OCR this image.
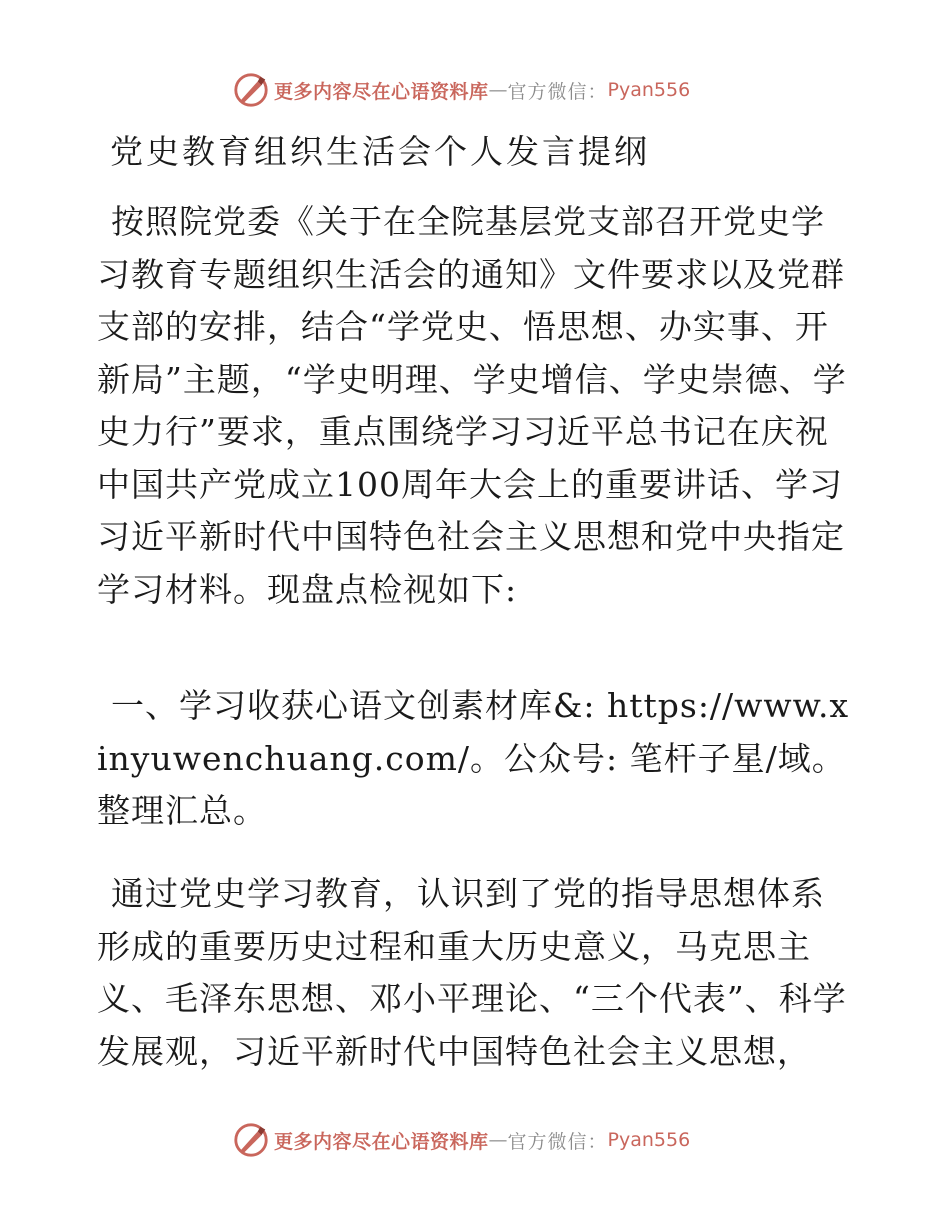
更多内容尽在心语资料库 — 官方微信： Pyan556
党史教育组织生活会个人发言提纲

按照院党委《关于在全院基层党支部召开党史学习教育专题组织生活会的通知》文件要求以及党群支部的安排，结合“学党史、悟思想、办实事、开新局”主题，“学史明理、学史增信、学史崇德、学史力行”要求，重点围绕学习习近平总书记在庆祝中国共产党成立100周年大会上的重要讲话、学习习近平新时代中国特色社会主义思想和党中央指定学习材料。现盘点检视如下:

一、学习收获心语文创素材库&: https://www.xinyuwenchuang.com/。公众号: 笔杆子星/域。整理汇总。

通过党史学习教育，认识到了党的指导思想体系形成的重要历史过程和重大历史意义，马克思主义、毛泽东思想、邓小平理论、“三个代表”、科学发展观，习近平新时代中国特色社会主义思想，

更多内容尽在心语资料库 — 官方微信： Pyan556
